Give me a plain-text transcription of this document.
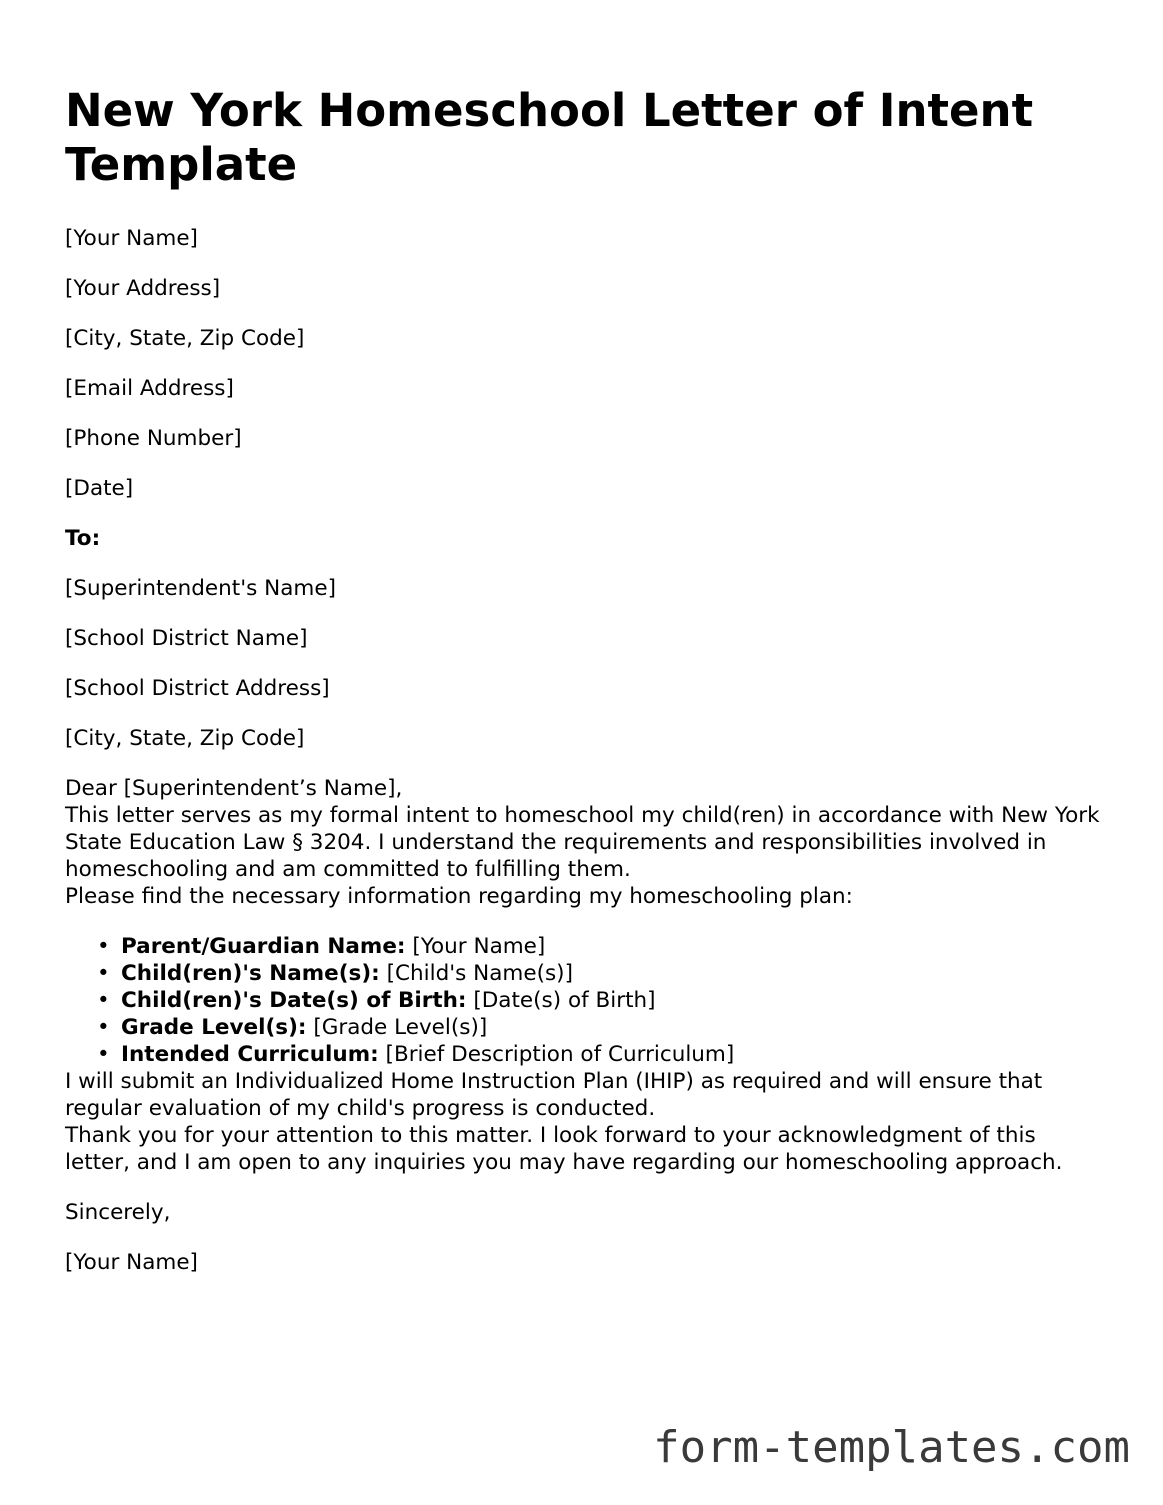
New York Homeschool Letter of Intent Template

[Your Name]

[Your Address]

[City, State, Zip Code]

[Email Address]

[Phone Number]

[Date]

To:

[Superintendent's Name]

[School District Name]

[School District Address]

[City, State, Zip Code]

Dear [Superintendent’s Name],

This letter serves as my formal intent to homeschool my child(ren) in accordance with New York State Education Law § 3204. I understand the requirements and responsibilities involved in homeschooling and am committed to fulfilling them.

Please find the necessary information regarding my homeschooling plan:

• Parent/Guardian Name: [Your Name]
• Child(ren)'s Name(s): [Child's Name(s)]
• Child(ren)'s Date(s) of Birth: [Date(s) of Birth]
• Grade Level(s): [Grade Level(s)]
• Intended Curriculum: [Brief Description of Curriculum]

I will submit an Individualized Home Instruction Plan (IHIP) as required and will ensure that regular evaluation of my child's progress is conducted.

Thank you for your attention to this matter. I look forward to your acknowledgment of this letter, and I am open to any inquiries you may have regarding our homeschooling approach.

Sincerely,

[Your Name]

form-templates.com
